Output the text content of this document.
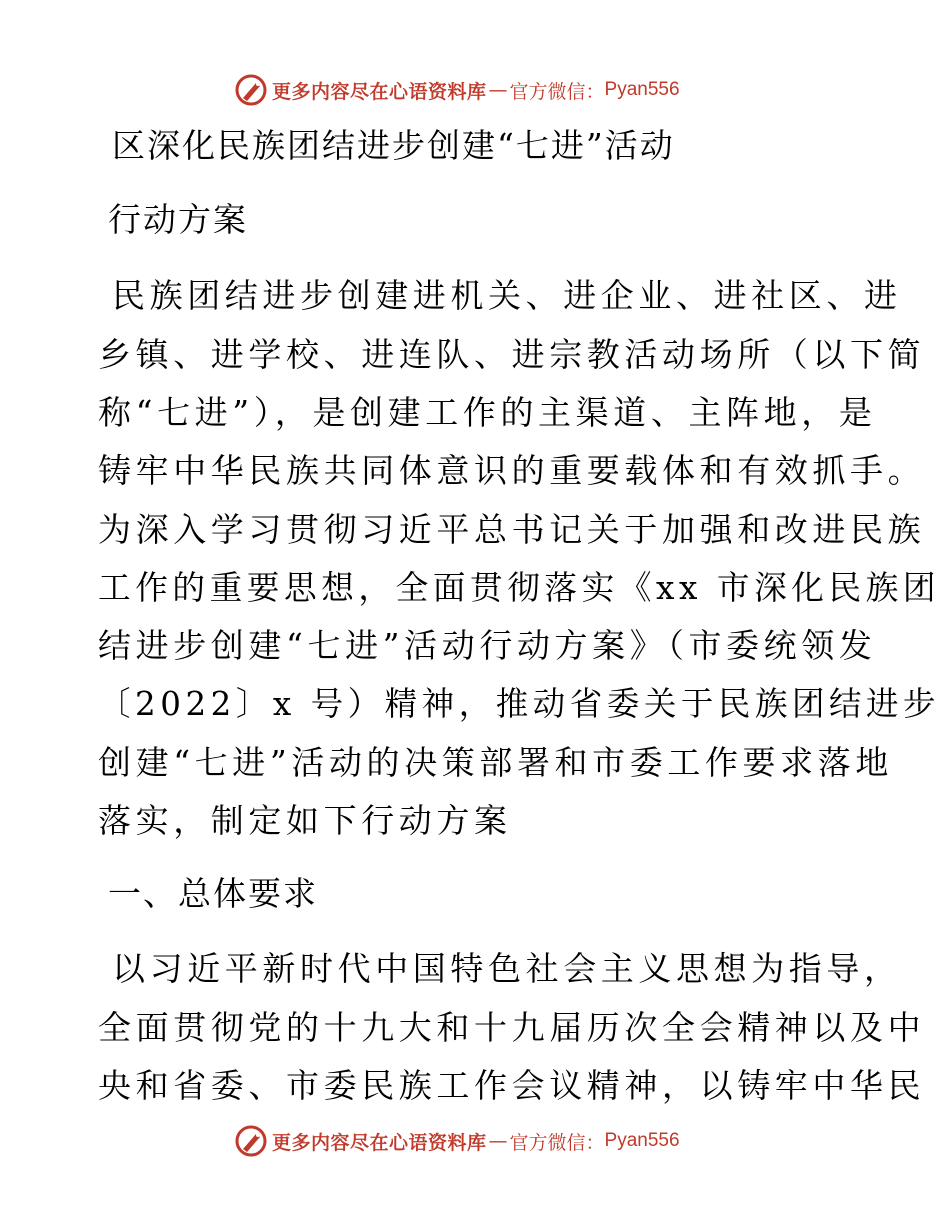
更多内容尽在心语资料库 — 官方微信： Pyan556
区深化民族团结进步创建“七进”活动
行动方案
民族团结进步创建进机关、进企业、进社区、进
乡镇、进学校、进连队、进宗教活动场所（以下简
称“七进”），是创建工作的主渠道、主阵地，是
铸牢中华民族共同体意识的重要载体和有效抓手。
为深入学习贯彻习近平总书记关于加强和改进民族
工作的重要思想，全面贯彻落实《xx 市深化民族团
结进步创建“七进”活动行动方案》（市委统领发
〔2022〕x 号）精神，推动省委关于民族团结进步
创建“七进”活动的决策部署和市委工作要求落地
落实，制定如下行动方案
一、总体要求
以习近平新时代中国特色社会主义思想为指导，
全面贯彻党的十九大和十九届历次全会精神以及中
央和省委、市委民族工作会议精神，以铸牢中华民
更多内容尽在心语资料库 — 官方微信： Pyan556
